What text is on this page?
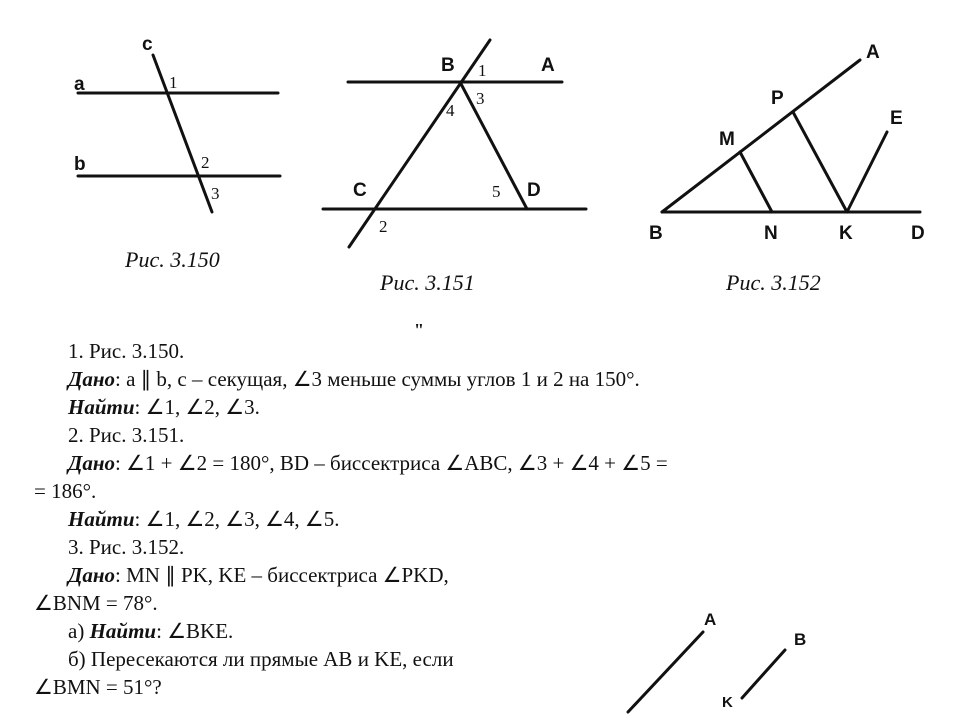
c
a
b
1
2
3
Рис. 3.150
B	A
C	D
1
3
4
5
2
Рис. 3.151
A
P
M
E
B	N	K	D
Рис. 3.152
A
B
K
"
1. Рис. 3.150.
Дано: a ∥ b, c – секущая, ∠3 меньше суммы углов 1 и 2 на 150°.
Найти: ∠1, ∠2, ∠3.
2. Рис. 3.151.
Дано: ∠1 + ∠2 = 180°, BD – биссектриса ∠ABC, ∠3 + ∠4 + ∠5 =
= 186°.
Найти: ∠1, ∠2, ∠3, ∠4, ∠5.
3. Рис. 3.152.
Дано: MN ∥ PK, KE – биссектриса ∠PKD,
∠BNM = 78°.
а) Найти: ∠BKE.
б) Пересекаются ли прямые AB и KE, если
∠BMN = 51°?
